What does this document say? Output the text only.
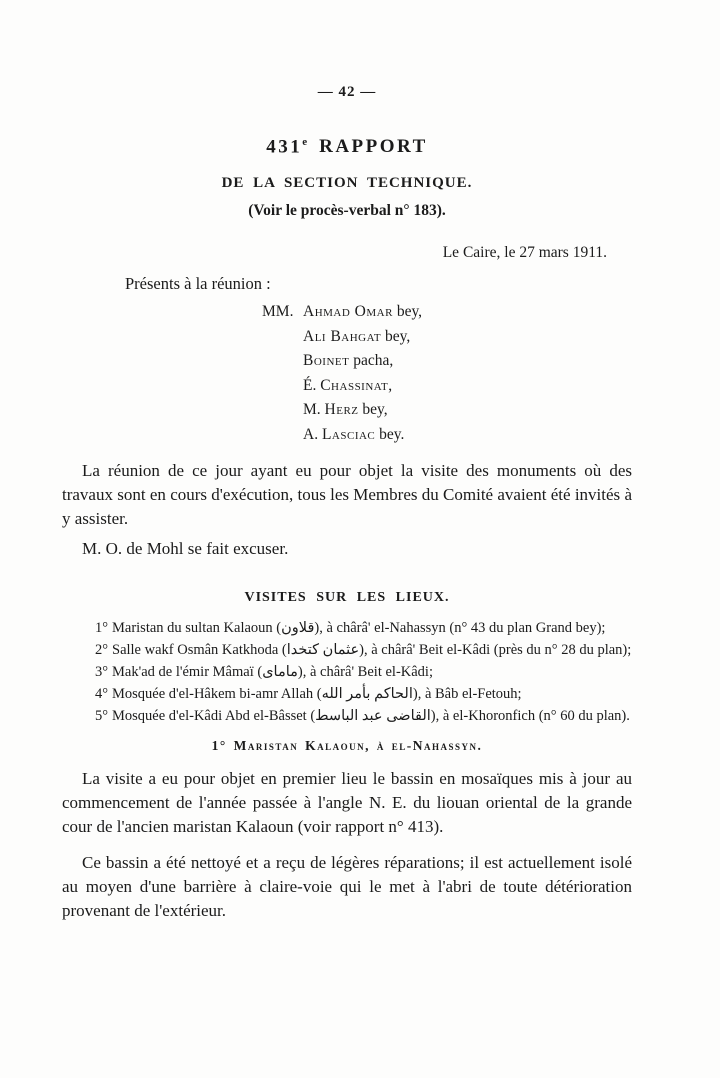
— 42 —
431e RAPPORT
DE LA SECTION TECHNIQUE.
(Voir le procès-verbal n° 183).
Le Caire, le 27 mars 1911.

Présents à la réunion :

MM. Ahmad Omar bey,
Ali Bahgat bey,
Boinet pacha,
É. Chassinat,
M. Herz bey,
A. Lasciac bey.

La réunion de ce jour ayant eu pour objet la visite des monuments où des travaux sont en cours d'exécution, tous les Membres du Comité avaient été invités à y assister.

M. O. de Mohl se fait excuser.

VISITES SUR LES LIEUX.
1° Maristan du sultan Kalaoun (قلاون), à chârâ' el-Nahassyn (n° 43 du plan Grand bey);
2° Salle wakf Osmân Katkhoda (عثمان كتخدا), à chârâ' Beit el-Kâdi (près du n° 28 du plan);
3° Mak'ad de l'émir Mâmaï (ماماى), à chârâ' Beit el-Kâdi;
4° Mosquée d'el-Hâkem bi-amr Allah (الحاكم بأمر الله), à Bâb el-Fetouh;
5° Mosquée d'el-Kâdi Abd el-Bâsset (القاضى عبد الباسط), à el-Khoronfich (n° 60 du plan).
1° Maristan Kalaoun, à el-Nahassyn.

La visite a eu pour objet en premier lieu le bassin en mosaïques mis à jour au commencement de l'année passée à l'angle N. E. du liouan oriental de la grande cour de l'ancien maristan Kalaoun (voir rapport n° 413).

Ce bassin a été nettoyé et a reçu de légères réparations; il est actuellement isolé au moyen d'une barrière à claire-voie qui le met à l'abri de toute détérioration provenant de l'extérieur.
